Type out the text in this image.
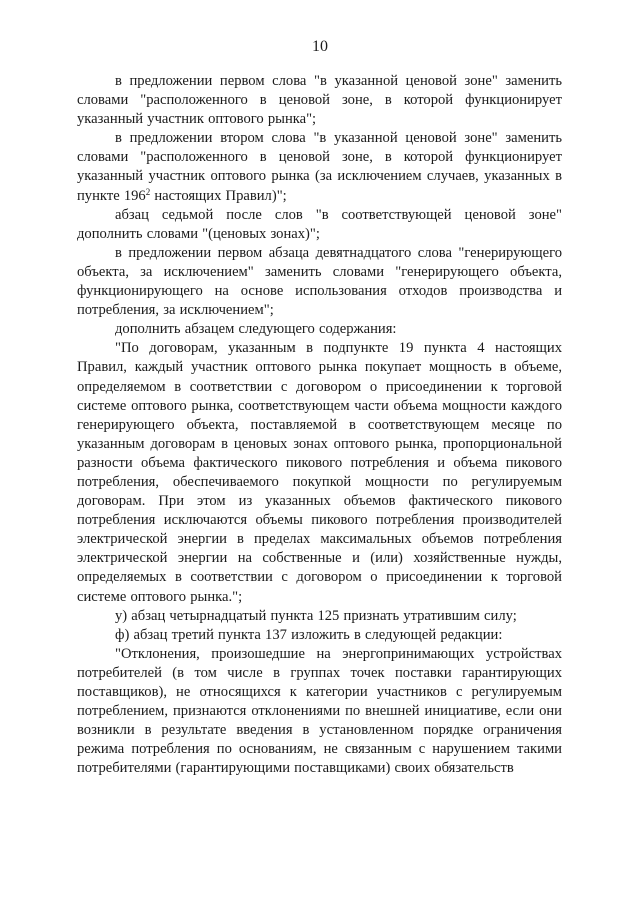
10

в предложении первом слова "в указанной ценовой зоне" заменить словами "расположенного в ценовой зоне, в которой функционирует указанный участник оптового рынка";

в предложении втором слова "в указанной ценовой зоне" заменить словами "расположенного в ценовой зоне, в которой функционирует указанный участник оптового рынка (за исключением случаев, указанных в пункте $196^2$ настоящих Правил)";

абзац седьмой после слов "в соответствующей ценовой зоне" дополнить словами "(ценовых зонах)";

в предложении первом абзаца девятнадцатого слова "генерирующего объекта, за исключением" заменить словами "генерирующего объекта, функционирующего на основе использования отходов производства и потребления, за исключением";

дополнить абзацем следующего содержания:

"По договорам, указанным в подпункте 19 пункта 4 настоящих Правил, каждый участник оптового рынка покупает мощность в объеме, определяемом в соответствии с договором о присоединении к торговой системе оптового рынка, соответствующем части объема мощности каждого генерирующего объекта, поставляемой в соответствующем месяце по указанным договорам в ценовых зонах оптового рынка, пропорциональной разности объема фактического пикового потребления и объема пикового потребления, обеспечиваемого покупкой мощности по регулируемым договорам. При этом из указанных объемов фактического пикового потребления исключаются объемы пикового потребления производителей электрической энергии в пределах максимальных объемов потребления электрической энергии на собственные и (или) хозяйственные нужды, определяемых в соответствии с договором о присоединении к торговой системе оптового рынка.";

у) абзац четырнадцатый пункта 125 признать утратившим силу;

ф) абзац третий пункта 137 изложить в следующей редакции:

"Отклонения, произошедшие на энергопринимающих устройствах потребителей (в том числе в группах точек поставки гарантирующих поставщиков), не относящихся к категории участников с регулируемым потреблением, признаются отклонениями по внешней инициативе, если они возникли в результате введения в установленном порядке ограничения режима потребления по основаниям, не связанным с нарушением такими потребителями (гарантирующими поставщиками) своих обязательств
